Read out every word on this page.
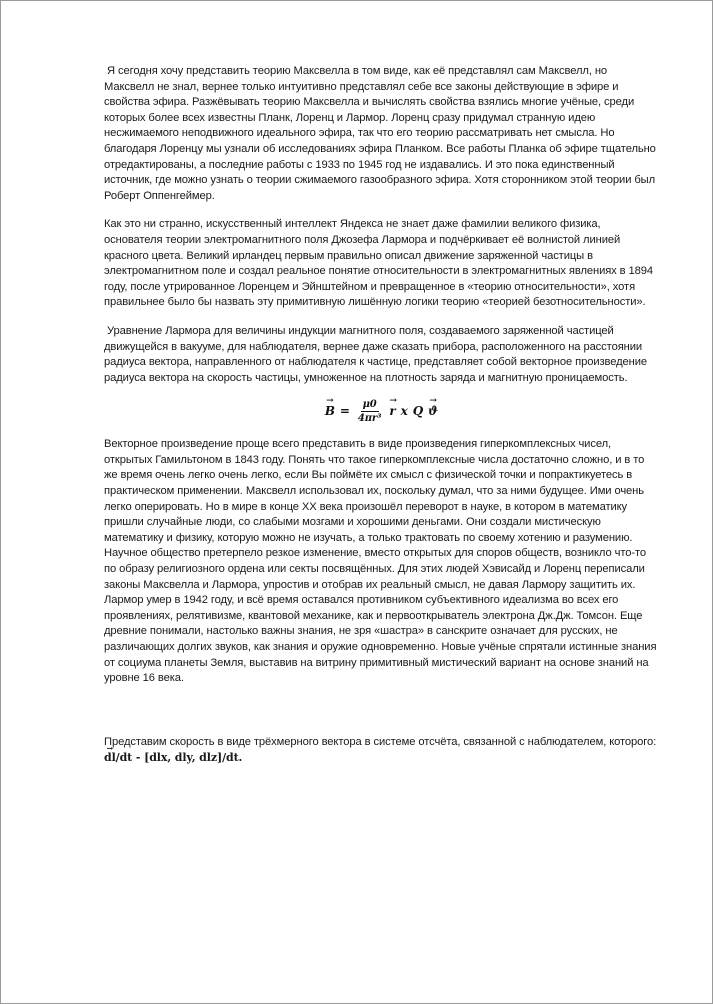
Я сегодня хочу представить теорию Максвелла в том виде, как её представлял сам Максвелл, но Максвелл не знал, вернее только интуитивно представлял себе все законы действующие в эфире и свойства эфира. Разжёвывать теорию Максвелла и вычислять свойства взялись многие учёные, среди которых более всех известны Планк, Лоренц и Лармор. Лоренц сразу придумал странную идею несжимаемого неподвижного идеального эфира, так что его теорию рассматривать нет смысла. Но благодаря Лоренцу мы узнали об исследованиях эфира Планком. Все работы Планка об эфире тщательно отредактированы, а последние работы с 1933 по 1945 год не издавались. И это пока единственный источник, где можно узнать о теории сжимаемого газообразного эфира. Хотя сторонником этой теории был Роберт Оппенгеймер.

Как это ни странно, искусственный интеллект Яндекса не знает даже фамилии великого физика, основателя теории электромагнитного поля Джозефа Лармора и подчёркивает её волнистой линией красного цвета. Великий ирландец первым правильно описал движение заряженной частицы в электромагнитном поле и создал реальное понятие относительности в электромагнитных явлениях в 1894 году, после утрированное Лоренцем и Эйнштейном и превращенное в «теорию относительности», хотя правильнее было бы назвать эту примитивную лишённую логики теорию «теорией безотносительности».

Уравнение Лармора для величины индукции магнитного поля, создаваемого заряженной частицей движущейся в вакууме, для наблюдателя, вернее даже сказать прибора, расположенного на расстоянии радиуса вектора, направленного от наблюдателя к частице, представляет собой векторное произведение радиуса вектора на скорость частицы, умноженное на плотность заряда и магнитную проницаемость.

→ $B = \frac{\mu 0}{\text{4πr³}}$
→ r x Q
→ ϑ

Векторное произведение проще всего представить в виде произведения гиперкомплексных чисел, открытых Гамильтоном в 1843 году. Понять что такое гиперкомплексные числа достаточно сложно, и в то же время очень легко очень легко, если Вы поймёте их смысл с физической точки и попрактикуетесь в практическом применении. Максвелл использовал их, поскольку думал, что за ними будущее. Ими очень легко оперировать. Но в мире в конце XX века произошёл переворот в науке, в котором в математику пришли случайные люди, со слабыми мозгами и хорошими деньгами. Они создали мистическую математику и физику, которую можно не изучать, а только трактовать по своему хотению и разумению. Научное общество претерпело резкое изменение, вместо открытых для споров обществ, возникло что-то по образу религиозного ордена или секты посвящённых. Для этих людей Хэвисайд и Лоренц переписали законы Максвелла и Лармора, упростив и отобрав их реальный смысл, не давая Лармору защитить их. Лармор умер в 1942 году, и всё время оставался противником субъективного идеализма во всех его проявлениях, релятивизме, квантовой механике, как и первооткрыватель электрона Дж.Дж. Томсон. Еще древние понимали, настолько важны знания, не зря «шастра» в санскрите означает для русских, не различающих долгих звуков, как знания и оружие одновременно. Новые учёные спрятали истинные знания от социума планеты Земля, выставив на витрину примитивный мистический вариант на основе знаний на уровне 16 века.

Представим скорость в виде трёхмерного вектора в системе отсчёта, связанной с наблюдателем, которого: → dl/dt - [dlx, dly, dlz]/dt.
